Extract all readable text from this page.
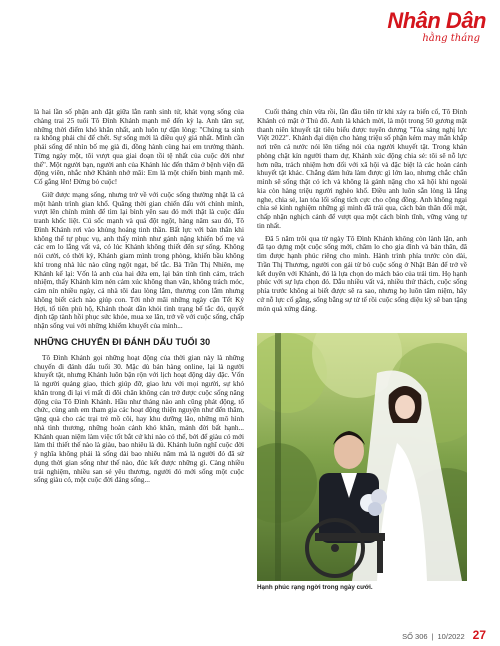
Nhân Dân
hằng tháng

là hai lần số phận anh đặt giữa lằn ranh sinh tử, khát vọng sống của chàng trai 25 tuổi Tô Đình Khánh mạnh mẽ đến kỳ lạ. Anh tâm sự, những thời điểm khó khăn nhất, anh luôn tự dặn lòng: "Chúng ta sinh ra không phải chỉ để chết. Sự sống mới là điều quý giá nhất. Mình cần phải sống để nhìn bố mẹ già đi, đồng hành cùng hai em trưởng thành. Từng ngày một, tôi vượt qua giai đoạn tồi tệ nhất của cuộc đời như thế". Một người bạn, người anh của Khánh lúc đến thăm ở bệnh viện đã động viên, nhắc nhở Khánh nhớ mãi: Em là một chiến binh mạnh mẽ. Cố gắng lên! Đừng bỏ cuộc!

Giữ được mạng sống, nhưng trở về với cuộc sống thường nhật là cả một hành trình gian khổ. Quãng thời gian chiến đấu với chính mình, vượt lên chính mình để tìm lại bình yên sau đó mới thật là cuộc đấu tranh khốc liệt. Cú sốc mạnh và quá đột ngột, hàng năm sau đó, Tô Đình Khánh rơi vào khủng hoảng tinh thần. Bất lực với bản thân khi không thể tự phục vụ, anh thấy mình như gánh nặng khiến bố mẹ và các em lo lắng vất vả, có lúc Khánh không thiết đến sự sống. Không nói cười, có thời kỳ, Khánh giam mình trong phòng, khiến bầu không khí trong nhà lúc nào cũng ngột ngạt, bế tắc. Bà Trần Thị Nhiên, mẹ Khánh kể lại: Vốn là anh của hai đứa em, lại bản tính tình cảm, trách nhiệm, thấy Khánh kìm nén cảm xúc không than vãn, không trách móc, cảm nín nhiều ngày, cả nhà tôi đau lòng lắm, thương con lắm nhưng không biết cách nào giúp con. Tới nhờ mãi những ngày cận Tết Kỷ Hợi, tổ tiên phù hộ, Khánh thoát dần khỏi tình trạng bế tắc đó, quyết định tập tành hồi phục sức khỏe, mua xe lăn, trở về với cuộc sống, chấp nhận sống vui với những khiếm khuyết của mình...

NHỮNG CHUYẾN ĐI ĐÁNH DẤU TUỔI 30

Tô Đình Khánh gọi những hoạt động của thời gian này là những chuyến đi đánh dấu tuổi 30. Mặc dù bán hàng online, lại là người khuyết tật, nhưng Khánh luôn bận rộn với lịch hoạt động dày đặc. Vốn là người quảng giao, thích giúp đỡ, giao lưu với mọi người, sự khó khăn trong đi lại vì mất đi đôi chân không cản trở được cuộc sống năng động của Tô Đình Khánh. Hầu như tháng nào anh cũng phát động, tổ chức, cùng anh em tham gia các hoạt động thiện nguyện như đến thăm, tặng quà cho các trại trẻ mồ côi, hay khu dưỡng lão, những mô hình nhà tình thương, những hoàn cảnh khó khăn, mảnh đời bất hạnh... Khánh quan niệm làm việc tốt bắt cứ khi nào có thể, bởi để giàu có mới làm thì thiết thế nào là giàu, bao nhiêu là đủ. Khánh luôn nghĩ cuộc đời ý nghĩa không phải là sống dài bao nhiêu năm mà là người đó đã sử dụng thời gian sống như thế nào, đúc kết được những gì. Càng nhiều trải nghiệm, nhiều san sẻ yêu thương, người đó mới sống một cuộc sống giàu có, một cuộc đời đáng sống...

Cuối tháng chín vừa rồi, lần đầu tiên từ khi xảy ra biến cố, Tô Đình Khánh có mặt ở Thủ đô. Anh là khách mời, là một trong 50 gương mặt thanh niên khuyết tật tiêu biểu được tuyên dương "Tỏa sáng nghị lực Việt 2022". Khánh đại diện cho hàng triệu số phận kém may mắn khắp nơi trên cả nước nói lên tiếng nói của người khuyết tật. Trong khán phòng chật kín người tham dự, Khánh xúc động chia sẻ: tôi sẽ nỗ lực hơn nữa, trách nhiệm hơn đối với xã hội và đặc biệt là các hoàn cảnh khuyết tật khác. Chẳng dám hứa làm được gì lớn lao, nhưng chắc chắn mình sẽ sống thật có ích và không là gánh nặng cho xã hội khi ngoài kia còn hàng triệu người nghèo khổ. Điều anh luôn sẵn lòng là lắng nghe, chia sẻ, lan tỏa lối sống tích cực cho cộng đồng. Anh không ngại chia sẻ kinh nghiệm những gì mình đã trải qua, cách bản thân đối mặt, chấp nhận nghịch cảnh để vượt qua một cách bình tĩnh, vững vàng tự tin nhất.

Đã 5 năm trôi qua từ ngày Tô Đình Khánh không còn lành lặn, anh đã tạo dựng một cuộc sống mới, chăm lo cho gia đình và bản thân, đã tìm được hạnh phúc riêng cho mình. Hành trình phía trước còn dài, Trần Thị Thương, người con gái từ bỏ cuộc sống ở Nhật Bản để trở về kết duyên với Khánh, đó là lựa chọn do mách bảo của trái tim. Họ hạnh phúc với sự lựa chọn đó. Dẫu nhiều vất vả, nhiều thử thách, cuộc sống phía trước không ai biết được sẽ ra sao, nhưng họ luôn tâm niệm, hãy cứ nỗ lực cố gắng, sống bằng sự tử tế rồi cuộc sống diệu kỳ sẽ ban tặng món quà xứng đáng.

Hạnh phúc rạng ngời trong ngày cưới.
SỐ 306 | 10/2022 27
